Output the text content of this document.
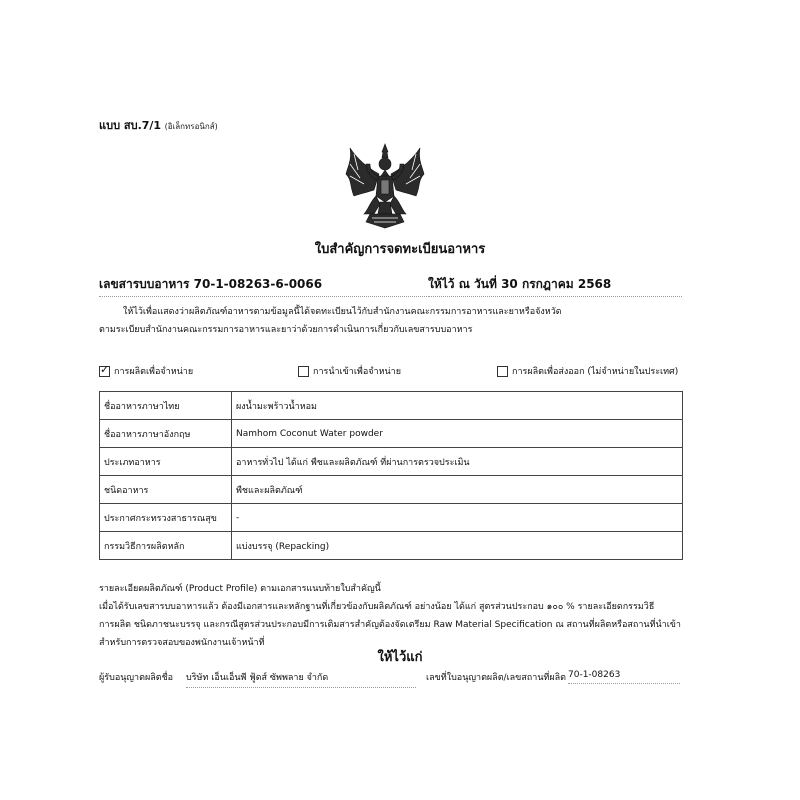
แบบ สบ.7/1 (อิเล็กทรอนิกส์)
ใบสำคัญการจดทะเบียนอาหาร
เลขสารบบอาหาร 70-1-08263-6-0066	ให้ไว้ ณ วันที่ 30 กรกฎาคม 2568
ให้ไว้เพื่อแสดงว่าผลิตภัณฑ์อาหารตามข้อมูลนี้ได้จดทะเบียนไว้กับสำนักงานคณะกรรมการอาหารและยาหรือจังหวัด
ตามระเบียบสำนักงานคณะกรรมการอาหารและยาว่าด้วยการดำเนินการเกี่ยวกับเลขสารบบอาหาร
✓
การผลิตเพื่อจำหน่าย	การนำเข้าเพื่อจำหน่าย	การผลิตเพื่อส่งออก (ไม่จำหน่ายในประเทศ)
ชื่ออาหารภาษาไทย	ผงน้ำมะพร้าวน้ำหอม
ชื่ออาหารภาษาอังกฤษ	Namhom Coconut Water powder
ประเภทอาหาร	อาหารทั่วไป ได้แก่ พืชและผลิตภัณฑ์ ที่ผ่านการตรวจประเมิน
ชนิดอาหาร	พืชและผลิตภัณฑ์
ประกาศกระทรวงสาธารณสุข	-
กรรมวิธีการผลิตหลัก	แบ่งบรรจุ (Repacking)
รายละเอียดผลิตภัณฑ์ (Product Profile) ตามเอกสารแนบท้ายใบสำคัญนี้
เมื่อได้รับเลขสารบบอาหารแล้ว ต้องมีเอกสารและหลักฐานที่เกี่ยวข้องกับผลิตภัณฑ์ อย่างน้อย ได้แก่ สูตรส่วนประกอบ ๑๐๐ % รายละเอียดกรรมวิธี
การผลิต ชนิดภาชนะบรรจุ และกรณีสูตรส่วนประกอบมีการเติมสารสำคัญต้องจัดเตรียม Raw Material Specification ณ สถานที่ผลิตหรือสถานที่นำเข้า
สำหรับการตรวจสอบของพนักงานเจ้าหน้าที่
ให้ไว้แก่
ผู้รับอนุญาตผลิตชื่อ บริษัท เอ็นเอ็นพี ฟู้ดส์ ซัพพลาย จำกัด	เลขที่ใบอนุญาตผลิต/เลขสถานที่ผลิต 70-1-08263
